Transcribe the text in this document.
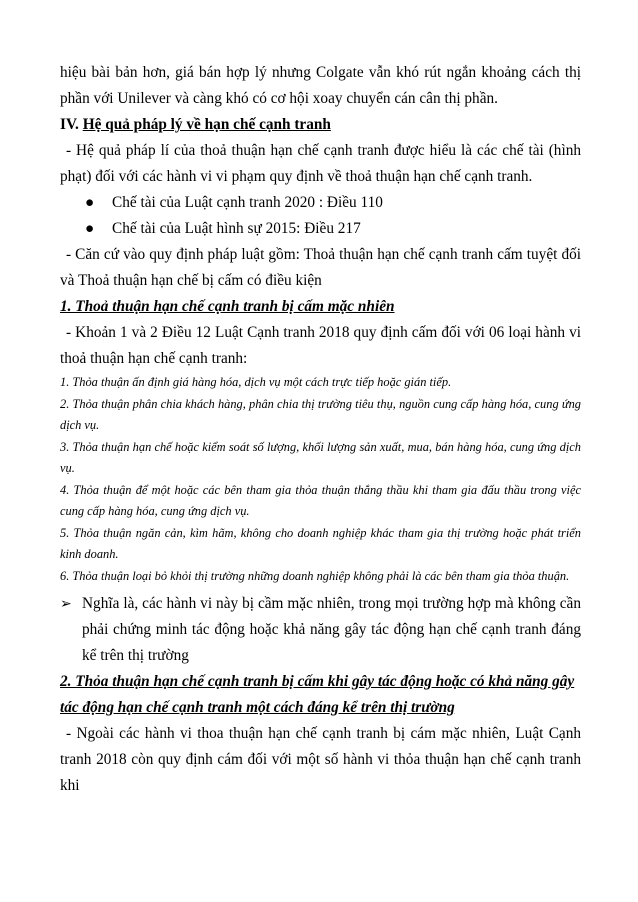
hiệu bài bản hơn, giá bán hợp lý nhưng Colgate vẫn khó rút ngắn khoảng cách thị
phần với Unilever và càng khó có cơ hội xoay chuyển cán cân thị phần.
IV. Hệ quả pháp lý về hạn chế cạnh tranh
- Hệ quả pháp lí của thoả thuận hạn chế cạnh tranh được hiểu là các chế tài (hình phạt) đối với các hành vi vi phạm quy định về thoả thuận hạn chế cạnh tranh.
● Chế tài của Luật cạnh tranh 2020 : Điều 110
● Chế tài của Luật hình sự 2015: Điều 217
- Căn cứ vào quy định pháp luật gồm: Thoả thuận hạn chế cạnh tranh cấm tuyệt đối và Thoả thuận hạn chế bị cấm có điều kiện
1. Thoả thuận hạn chế cạnh tranh bị cấm mặc nhiên
- Khoản 1 và 2 Điều 12 Luật Cạnh tranh 2018 quy định cấm đối với 06 loại hành vi thoả thuận hạn chế cạnh tranh:
1. Thỏa thuận ấn định giá hàng hóa, dịch vụ một cách trực tiếp hoặc gián tiếp.
2. Thỏa thuận phân chia khách hàng, phân chia thị trường tiêu thụ, nguồn cung cấp hàng hóa, cung ứng dịch vụ.
3. Thỏa thuận hạn chế hoặc kiểm soát số lượng, khối lượng sản xuất, mua, bán hàng hóa, cung ứng dịch vụ.
4. Thỏa thuận để một hoặc các bên tham gia thỏa thuận thắng thầu khi tham gia đấu thầu trong việc cung cấp hàng hóa, cung ứng dịch vụ.
5. Thỏa thuận ngăn cản, kìm hãm, không cho doanh nghiệp khác tham gia thị trường hoặc phát triển kinh doanh.
6. Thỏa thuận loại bỏ khỏi thị trường những doanh nghiệp không phải là các bên tham gia thỏa thuận.
➢ Nghĩa là, các hành vi này bị cầm mặc nhiên, trong mọi trường hợp mà không cần phải chứng minh tác động hoặc khả năng gây tác động hạn chế cạnh tranh đáng kể trên thị trường
2. Thỏa thuận hạn chế cạnh tranh bị cấm khi gây tác động hoặc có khả năng gây tác động hạn chế cạnh tranh một cách đáng kể trên thị trường
- Ngoài các hành vi thoa thuận hạn chế cạnh tranh bị cám mặc nhiên, Luật Cạnh tranh 2018 còn quy định cám đối với một số hành vi thỏa thuận hạn chế cạnh tranh khi
